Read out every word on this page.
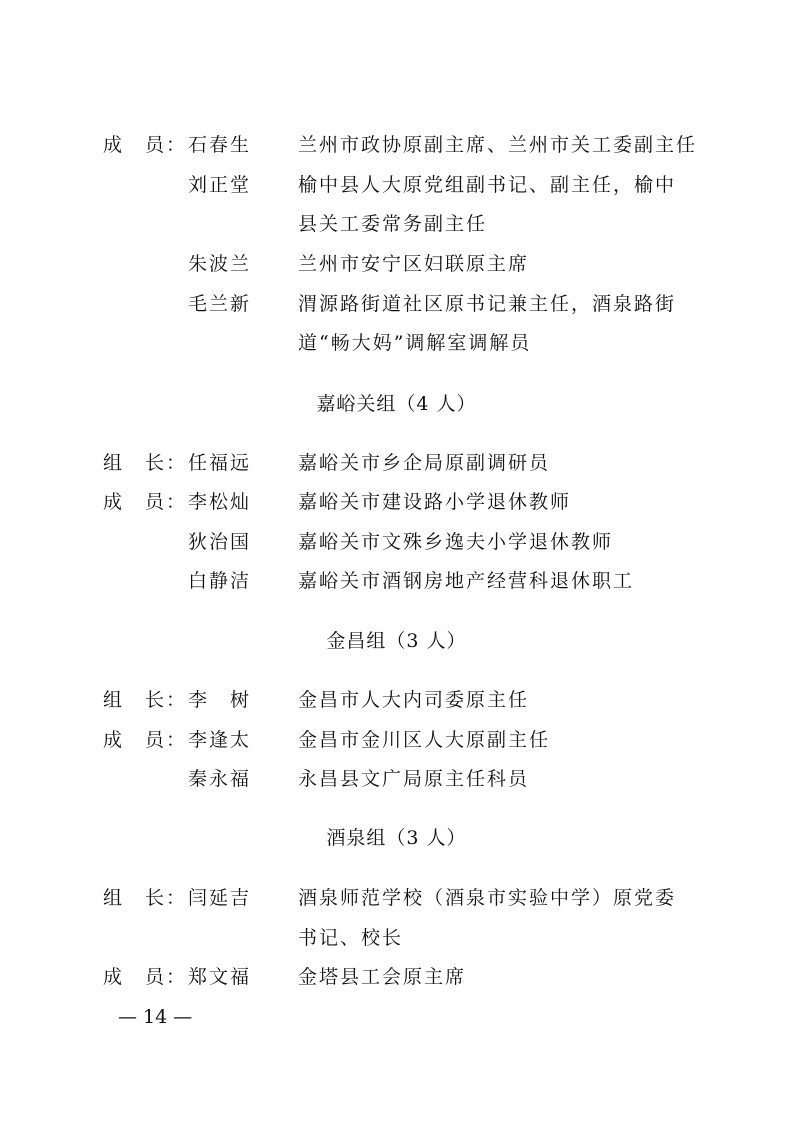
成　员： 石春生	兰州市政协原副主席、兰州市关工委副主任
刘正堂	榆中县人大原党组副书记、副主任，榆中
县关工委常务副主任
朱波兰	兰州市安宁区妇联原主席
毛兰新	渭源路街道社区原书记兼主任，酒泉路街
道“畅大妈”调解室调解员
嘉峪关组（4 人）
组　长： 任福远	嘉峪关市乡企局原副调研员
成　员： 李松灿	嘉峪关市建设路小学退休教师
狄治国	嘉峪关市文殊乡逸夫小学退休教师
白静洁	嘉峪关市酒钢房地产经营科退休职工
金昌组（3 人）
组　长： 李　树	金昌市人大内司委原主任
成　员： 李逢太	金昌市金川区人大原副主任
秦永福	永昌县文广局原主任科员
酒泉组（3 人）
组　长： 闫延吉	酒泉师范学校（酒泉市实验中学）原党委
书记、校长
成　员： 郑文福	金塔县工会原主席
— 14 —
